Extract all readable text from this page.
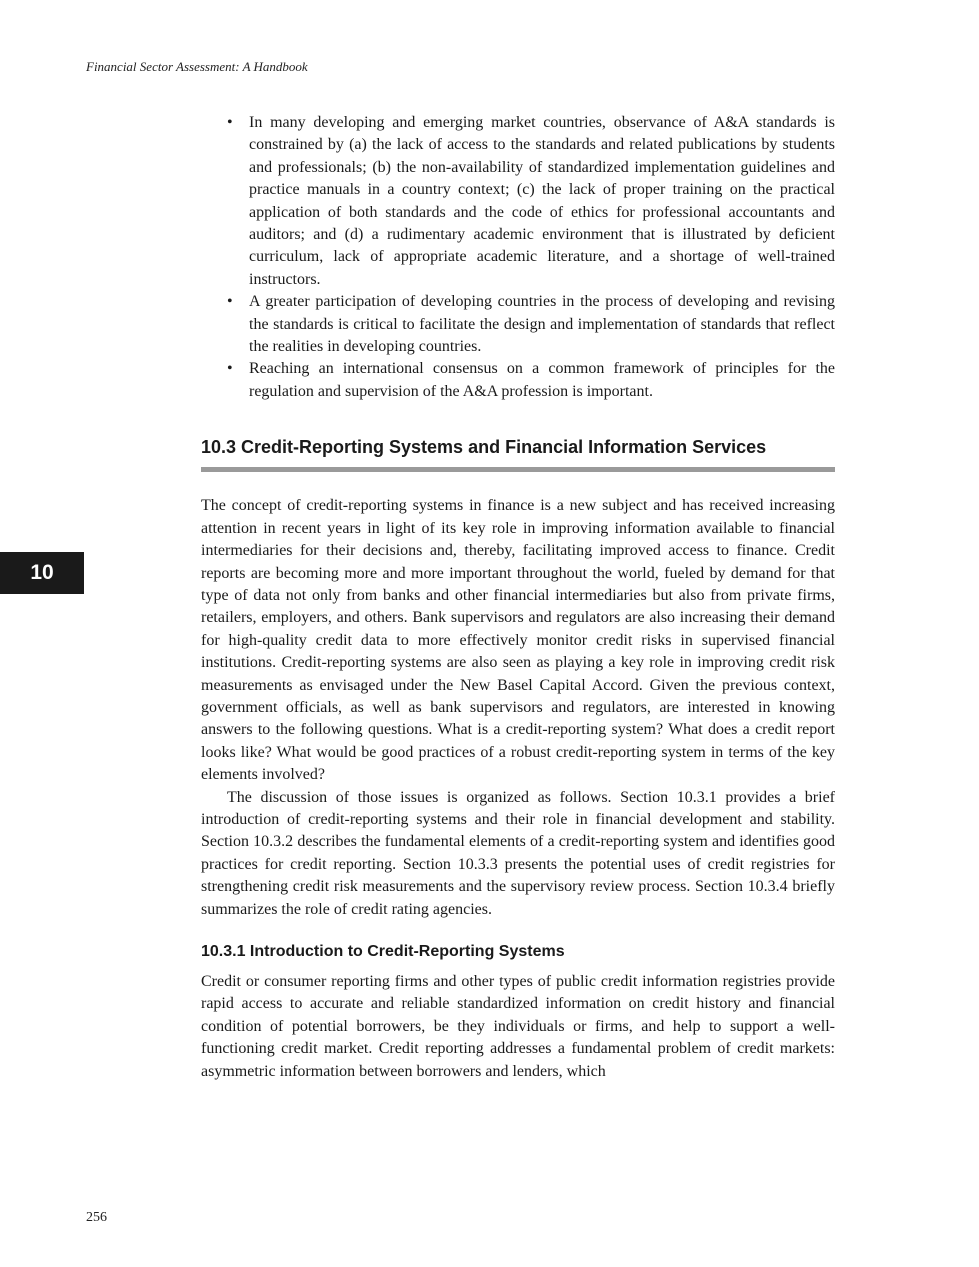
Financial Sector Assessment: A Handbook
10
• In many developing and emerging market countries, observance of A&A standards is constrained by (a) the lack of access to the standards and related publications by students and professionals; (b) the non-availability of standardized implementation guidelines and practice manuals in a country context; (c) the lack of proper training on the practical application of both standards and the code of ethics for professional accountants and auditors; and (d) a rudimentary academic environment that is illustrated by deficient curriculum, lack of appropriate academic literature, and a shortage of well-trained instructors.
• A greater participation of developing countries in the process of developing and revising the standards is critical to facilitate the design and implementation of standards that reflect the realities in developing countries.
• Reaching an international consensus on a common framework of principles for the regulation and supervision of the A&A profession is important.
10.3 Credit-Reporting Systems and Financial Information Services

The concept of credit-reporting systems in finance is a new subject and has received increasing attention in recent years in light of its key role in improving information available to financial intermediaries for their decisions and, thereby, facilitating improved access to finance. Credit reports are becoming more and more important throughout the world, fueled by demand for that type of data not only from banks and other financial intermediaries but also from private firms, retailers, employers, and others. Bank supervisors and regulators are also increasing their demand for high-quality credit data to more effectively monitor credit risks in supervised financial institutions. Credit-reporting systems are also seen as playing a key role in improving credit risk measurements as envisaged under the New Basel Capital Accord. Given the previous context, government officials, as well as bank supervisors and regulators, are interested in knowing answers to the following questions. What is a credit-reporting system? What does a credit report looks like? What would be good practices of a robust credit-reporting system in terms of the key elements involved?

The discussion of those issues is organized as follows. Section 10.3.1 provides a brief introduction of credit-reporting systems and their role in financial development and stability. Section 10.3.2 describes the fundamental elements of a credit-reporting system and identifies good practices for credit reporting. Section 10.3.3 presents the potential uses of credit registries for strengthening credit risk measurements and the supervisory review process. Section 10.3.4 briefly summarizes the role of credit rating agencies.

10.3.1 Introduction to Credit-Reporting Systems

Credit or consumer reporting firms and other types of public credit information registries provide rapid access to accurate and reliable standardized information on credit history and financial condition of potential borrowers, be they individuals or firms, and help to support a well-functioning credit market. Credit reporting addresses a fundamental problem of credit markets: asymmetric information between borrowers and lenders, which

256
